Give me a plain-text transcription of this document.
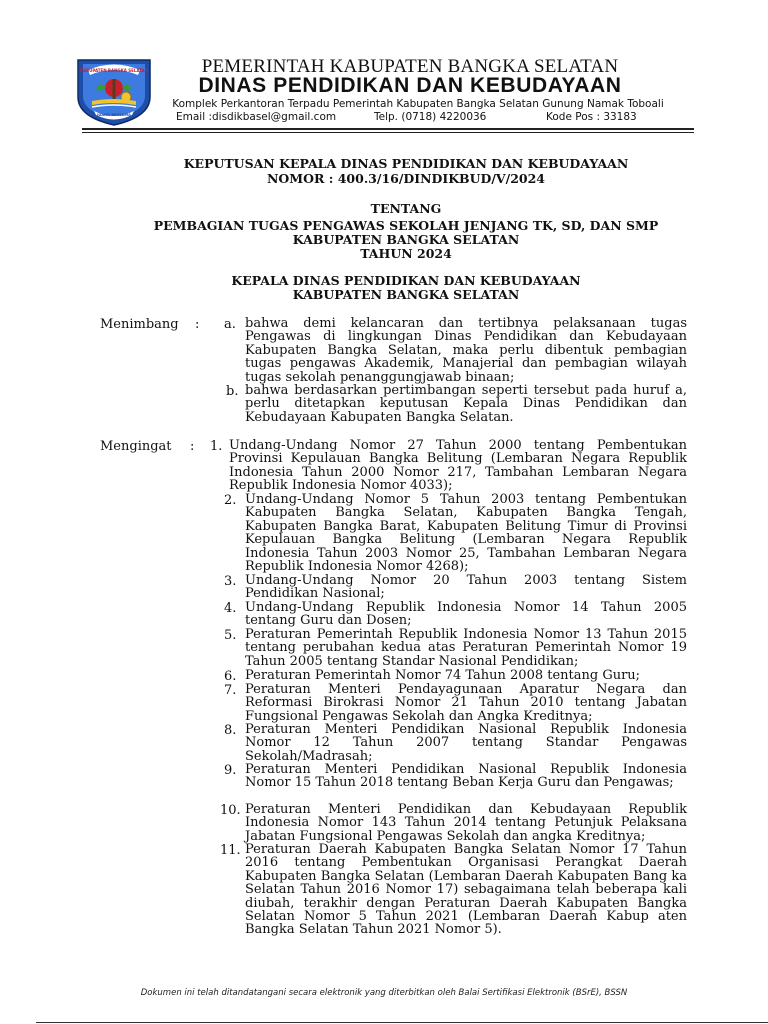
KABUPATEN BANGKA SELATAN
JUANG BERSAMA
PEMERINTAH KABUPATEN BANGKA SELATAN
DINAS PENDIDIKAN DAN KEBUDAYAAN
Komplek Perkantoran Terpadu Pemerintah Kabupaten Bangka Selatan Gunung Namak Toboali
Email :disdikbasel@gmail.com	Telp. (0718) 4220036	Kode Pos : 33183
KEPUTUSAN KEPALA DINAS PENDIDIKAN DAN KEBUDAYAAN
NOMOR : 400.3/16/DINDIKBUD/V/2024
TENTANG
PEMBAGIAN TUGAS PENGAWAS SEKOLAH JENJANG TK, SD, DAN SMP
KABUPATEN BANGKA SELATAN
TAHUN 2024
KEPALA DINAS PENDIDIKAN DAN KEBUDAYAAN
KABUPATEN BANGKA SELATAN
Menimbang : a. bahwa demi kelancaran dan tertibnya pelaksanaan tugas Pengawas di lingkungan Dinas Pendidikan dan Kebudayaan Kabupaten Bangka Selatan, maka perlu dibentuk pembagian tugas pengawas Akademik, Manajerial dan pembagian wilayah tugas sekolah penanggungjawab binaan;
b. bahwa berdasarkan pertimbangan seperti tersebut pada huruf a, perlu ditetapkan keputusan Kepala Dinas Pendidikan dan Kebudayaan Kabupaten Bangka Selatan.
Mengingat : 1. Undang-Undang Nomor 27 Tahun 2000 tentang Pembentukan Provinsi Kepulauan Bangka Belitung (Lembaran Negara Republik Indonesia Tahun 2000 Nomor 217, Tambahan Lembaran Negara Republik Indonesia Nomor 4033);
2. Undang-Undang Nomor 5 Tahun 2003 tentang Pembentukan Kabupaten Bangka Selatan, Kabupaten Bangka Tengah, Kabupaten Bangka Barat, Kabupaten Belitung Timur di Provinsi Kepulauan Bangka Belitung (Lembaran Negara Republik Indonesia Tahun 2003 Nomor 25, Tambahan Lembaran Negara Republik Indonesia Nomor 4268);
3. Undang-Undang Nomor 20 Tahun 2003 tentang Sistem Pendidikan Nasional;
4. Undang-Undang Republik Indonesia Nomor 14 Tahun 2005 tentang Guru dan Dosen;
5. Peraturan Pemerintah Republik Indonesia Nomor 13 Tahun 2015 tentang perubahan kedua atas Peraturan Pemerintah Nomor 19 Tahun 2005 tentang Standar Nasional Pendidikan;
6. Peraturan Pemerintah Nomor 74 Tahun 2008 tentang Guru;
7. Peraturan Menteri Pendayagunaan Aparatur Negara dan Reformasi Birokrasi Nomor 21 Tahun 2010 tentang Jabatan Fungsional Pengawas Sekolah dan Angka Kreditnya;
8. Peraturan Menteri Pendidikan Nasional Republik Indonesia Nomor 12 Tahun 2007 tentang Standar Pengawas Sekolah/Madrasah;
9. Peraturan Menteri Pendidikan Nasional Republik Indonesia Nomor 15 Tahun 2018 tentang Beban Kerja Guru dan Pengawas;
10. Peraturan Menteri Pendidikan dan Kebudayaan Republik Indonesia Nomor 143 Tahun 2014 tentang Petunjuk Pelaksana Jabatan Fungsional Pengawas Sekolah dan angka Kreditnya;
11. Peraturan Daerah Kabupaten Bangka Selatan Nomor 17 Tahun 2016 tentang Pembentukan Organisasi Perangkat Daerah Kabupaten Bangka Selatan (Lembaran Daerah Kabupaten Bang ka Selatan Tahun 2016 Nomor 17) sebagaimana telah beberapa kali diubah, terakhir dengan Peraturan Daerah Kabupaten Bangka Selatan Nomor 5 Tahun 2021 (Lembaran Daerah Kabup aten Bangka Selatan Tahun 2021 Nomor 5).
Dokumen ini telah ditandatangani secara elektronik yang diterbitkan oleh Balai Sertifikasi Elektronik (BSrE), BSSN
